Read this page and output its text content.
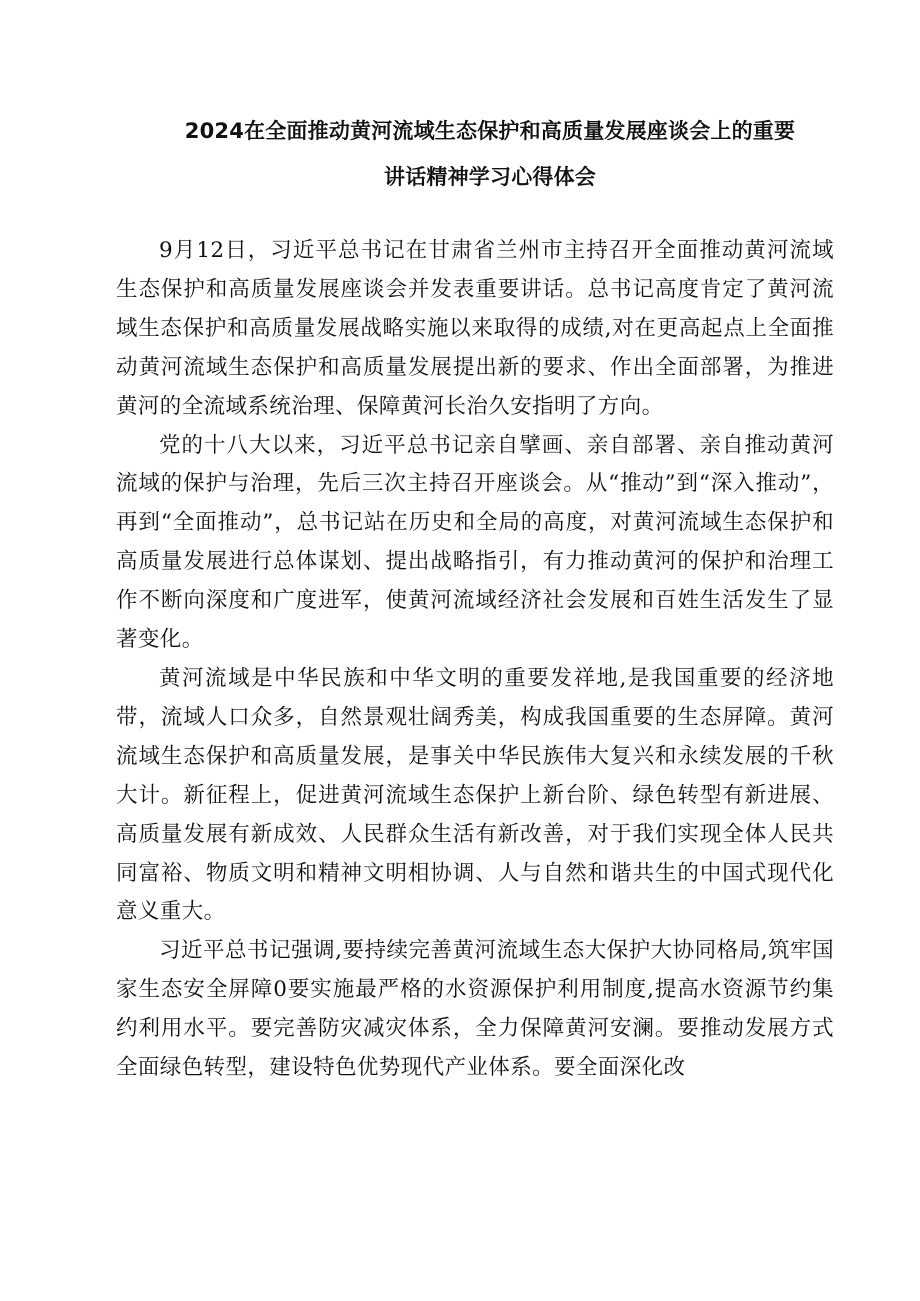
2024在全面推动黄河流域生态保护和高质量发展座谈会上的重要
讲话精神学习心得体会

9月12日，习近平总书记在甘肃省兰州市主持召开全面推动黄河流域生态保护和高质量发展座谈会并发表重要讲话。总书记高度肯定了黄河流域生态保护和高质量发展战略实施以来取得的成绩,对在更高起点上全面推动黄河流域生态保护和高质量发展提出新的要求、作出全面部署，为推进黄河的全流域系统治理、保障黄河长治久安指明了方向。

党的十八大以来，习近平总书记亲自擘画、亲自部署、亲自推动黄河流域的保护与治理，先后三次主持召开座谈会。从“推动”到“深入推动”，再到“全面推动”，总书记站在历史和全局的高度，对黄河流域生态保护和高质量发展进行总体谋划、提出战略指引，有力推动黄河的保护和治理工作不断向深度和广度进军，使黄河流域经济社会发展和百姓生活发生了显著变化。

黄河流域是中华民族和中华文明的重要发祥地,是我国重要的经济地带，流域人口众多，自然景观壮阔秀美，构成我国重要的生态屏障。黄河流域生态保护和高质量发展，是事关中华民族伟大复兴和永续发展的千秋大计。新征程上，促进黄河流域生态保护上新台阶、绿色转型有新进展、高质量发展有新成效、人民群众生活有新改善，对于我们实现全体人民共同富裕、物质文明和精神文明相协调、人与自然和谐共生的中国式现代化意义重大。

习近平总书记强调,要持续完善黄河流域生态大保护大协同格局,筑牢国家生态安全屏障0要实施最严格的水资源保护利用制度,提高水资源节约集约利用水平。要完善防灾减灾体系，全力保障黄河安澜。要推动发展方式全面绿色转型，建设特色优势现代产业体系。要全面深化改
